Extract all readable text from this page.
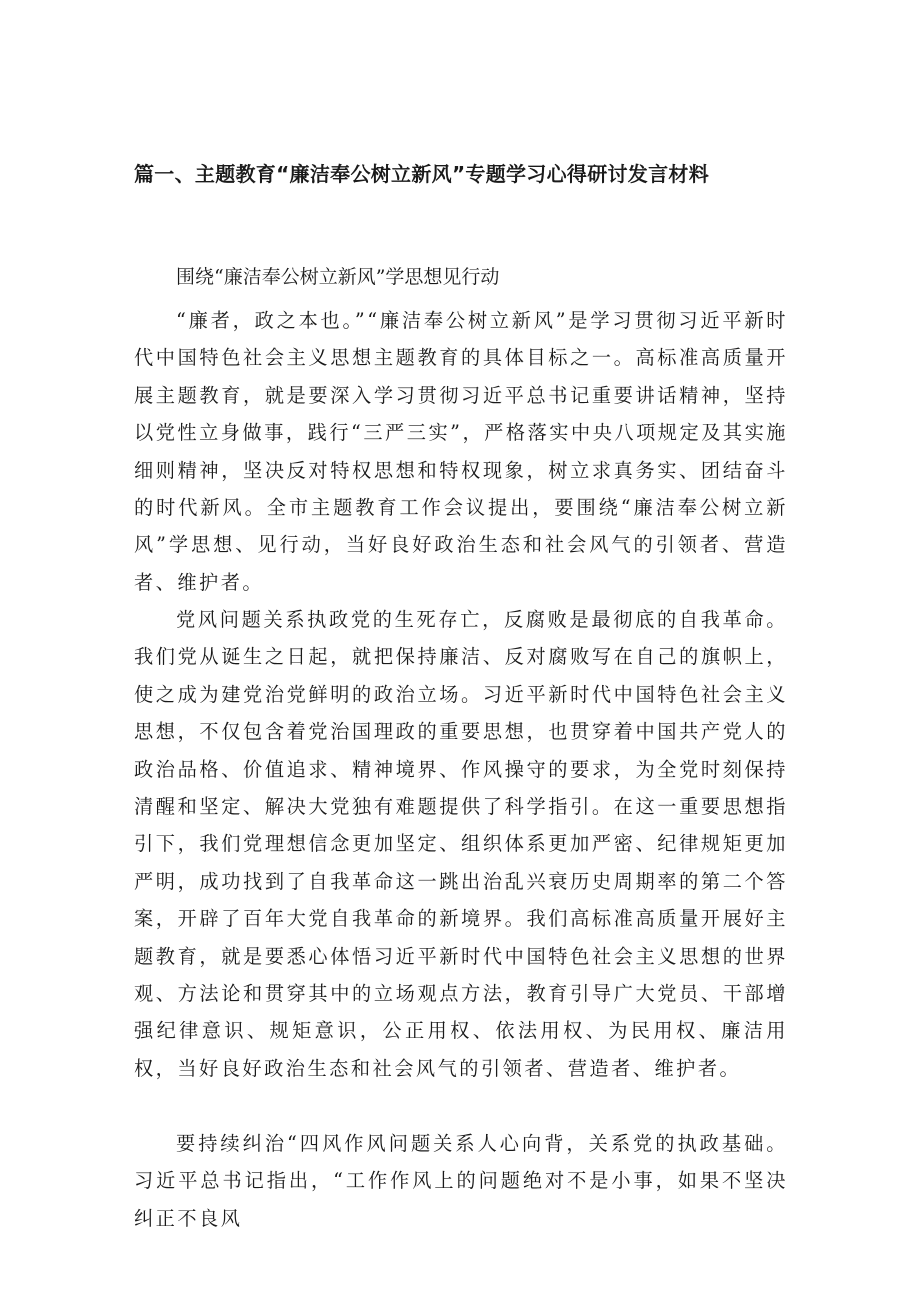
篇一、主题教育“廉洁奉公树立新风”专题学习心得研讨发言材料

围绕“廉洁奉公树立新风”学思想见行动

“廉者，政之本也。”“廉洁奉公树立新风”是学习贯彻习近平新时代中国特色社会主义思想主题教育的具体目标之一。高标准高质量开展主题教育，就是要深入学习贯彻习近平总书记重要讲话精神，坚持以党性立身做事，践行“三严三实”，严格落实中央八项规定及其实施细则精神，坚决反对特权思想和特权现象，树立求真务实、团结奋斗的时代新风。全市主题教育工作会议提出，要围绕“廉洁奉公树立新风”学思想、见行动，当好良好政治生态和社会风气的引领者、营造者、维护者。

党风问题关系执政党的生死存亡，反腐败是最彻底的自我革命。我们党从诞生之日起，就把保持廉洁、反对腐败写在自己的旗帜上，使之成为建党治党鲜明的政治立场。习近平新时代中国特色社会主义思想，不仅包含着党治国理政的重要思想，也贯穿着中国共产党人的政治品格、价值追求、精神境界、作风操守的要求，为全党时刻保持清醒和坚定、解决大党独有难题提供了科学指引。在这一重要思想指引下，我们党理想信念更加坚定、组织体系更加严密、纪律规矩更加严明，成功找到了自我革命这一跳出治乱兴衰历史周期率的第二个答案，开辟了百年大党自我革命的新境界。我们高标准高质量开展好主题教育，就是要悉心体悟习近平新时代中国特色社会主义思想的世界观、方法论和贯穿其中的立场观点方法，教育引导广大党员、干部增强纪律意识、规矩意识，公正用权、依法用权、为民用权、廉洁用权，当好良好政治生态和社会风气的引领者、营造者、维护者。

要持续纠治“四风作风问题关系人心向背，关系党的执政基础。习近平总书记指出，“工作作风上的问题绝对不是小事，如果不坚决纠正不良风
